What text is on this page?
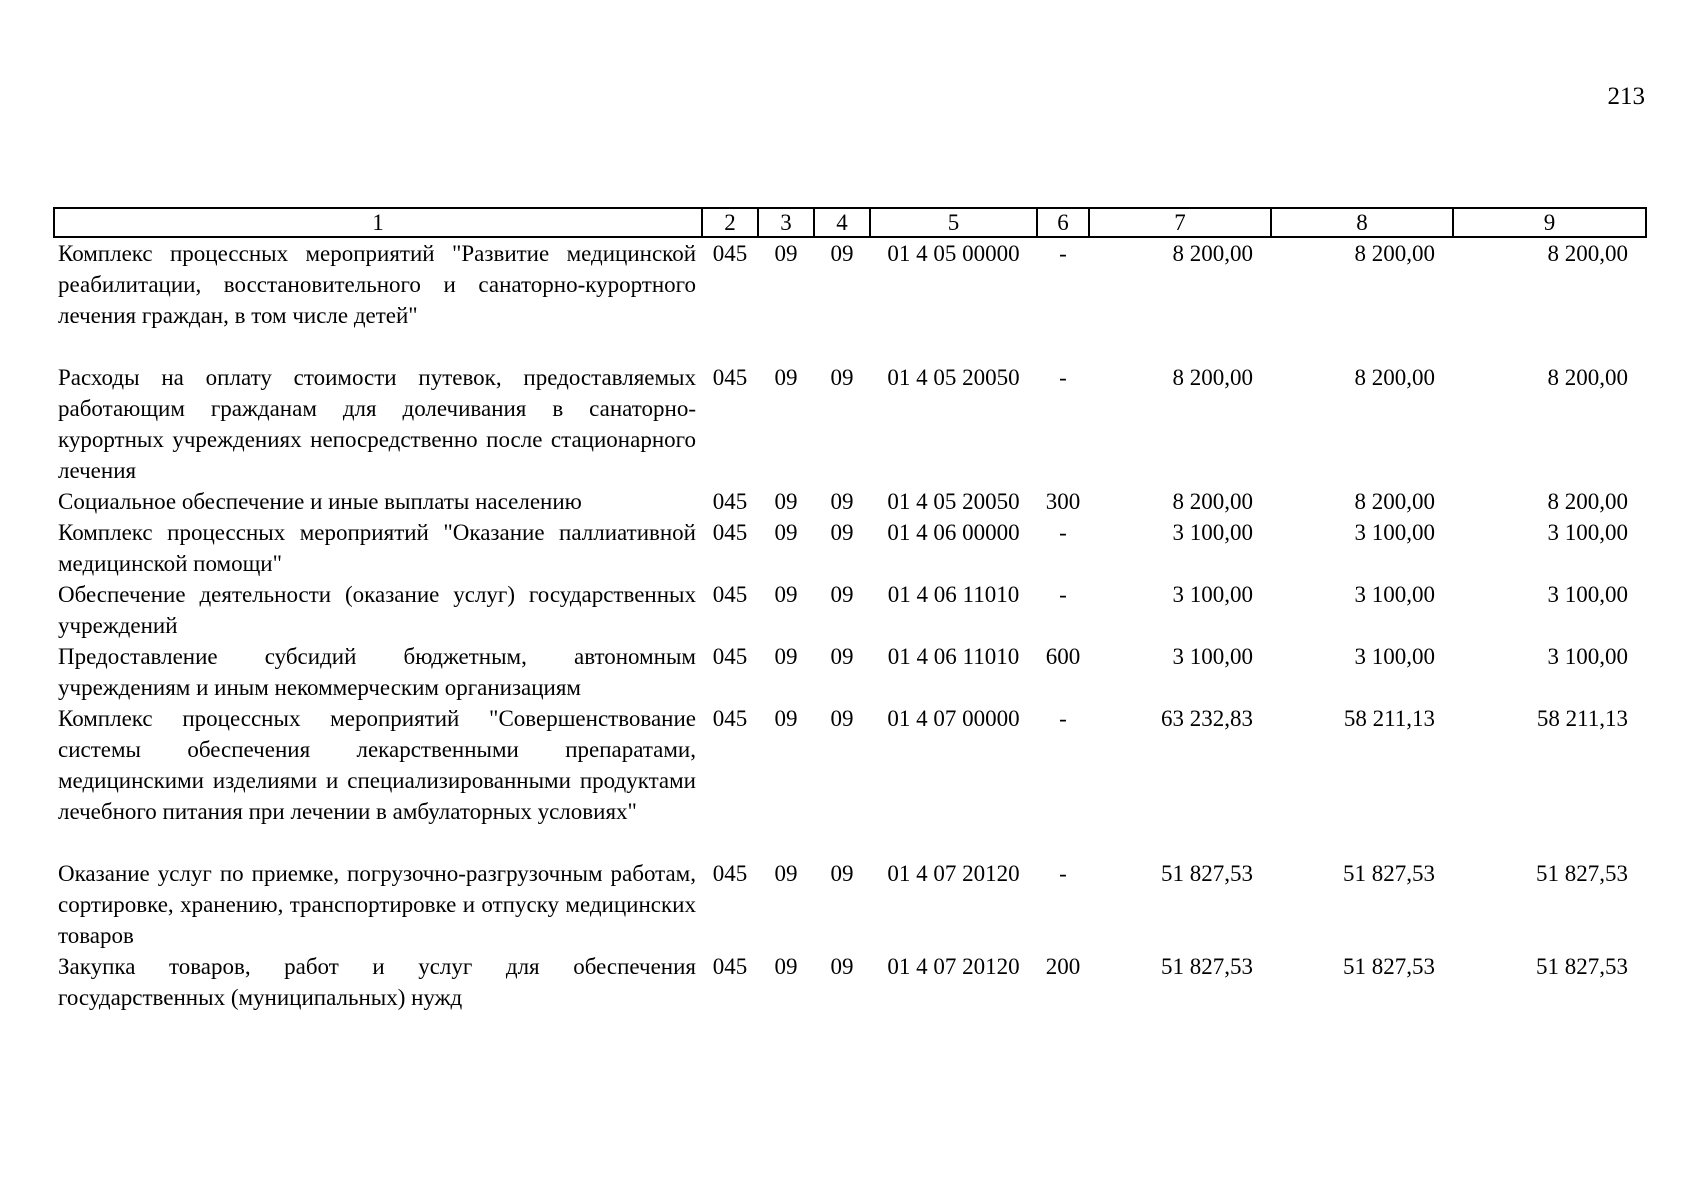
213
1	2	3	4	5	6	7	8	9
Комплекс процессных мероприятий "Развитие медицинской реабилитации, восстановительного и санаторно-курортного лечения граждан, в том числе детей"	045	09	09	01 4 05 00000	-	8 200,00	8 200,00	8 200,00
Расходы на оплату стоимости путевок, предоставляемых работающим гражданам для долечивания в санаторно-курортных учреждениях непосредственно после стационарного лечения	045	09	09	01 4 05 20050	-	8 200,00	8 200,00	8 200,00
Социальное обеспечение и иные выплаты населению	045	09	09	01 4 05 20050	300	8 200,00	8 200,00	8 200,00
Комплекс процессных мероприятий "Оказание паллиативной медицинской помощи"	045	09	09	01 4 06 00000	-	3 100,00	3 100,00	3 100,00
Обеспечение деятельности (оказание услуг) государственных учреждений	045	09	09	01 4 06 11010	-	3 100,00	3 100,00	3 100,00
Предоставление субсидий бюджетным, автономным учреждениям и иным некоммерческим организациям	045	09	09	01 4 06 11010	600	3 100,00	3 100,00	3 100,00
Комплекс процессных мероприятий "Совершенствование системы обеспечения лекарственными препаратами, медицинскими изделиями и специализированными продуктами лечебного питания при лечении в амбулаторных условиях"	045	09	09	01 4 07 00000	-	63 232,83	58 211,13	58 211,13
Оказание услуг по приемке, погрузочно-разгрузочным работам, сортировке, хранению, транспортировке и отпуску медицинских товаров	045	09	09	01 4 07 20120	-	51 827,53	51 827,53	51 827,53
Закупка товаров, работ и услуг для обеспечения государственных (муниципальных) нужд	045	09	09	01 4 07 20120	200	51 827,53	51 827,53	51 827,53
